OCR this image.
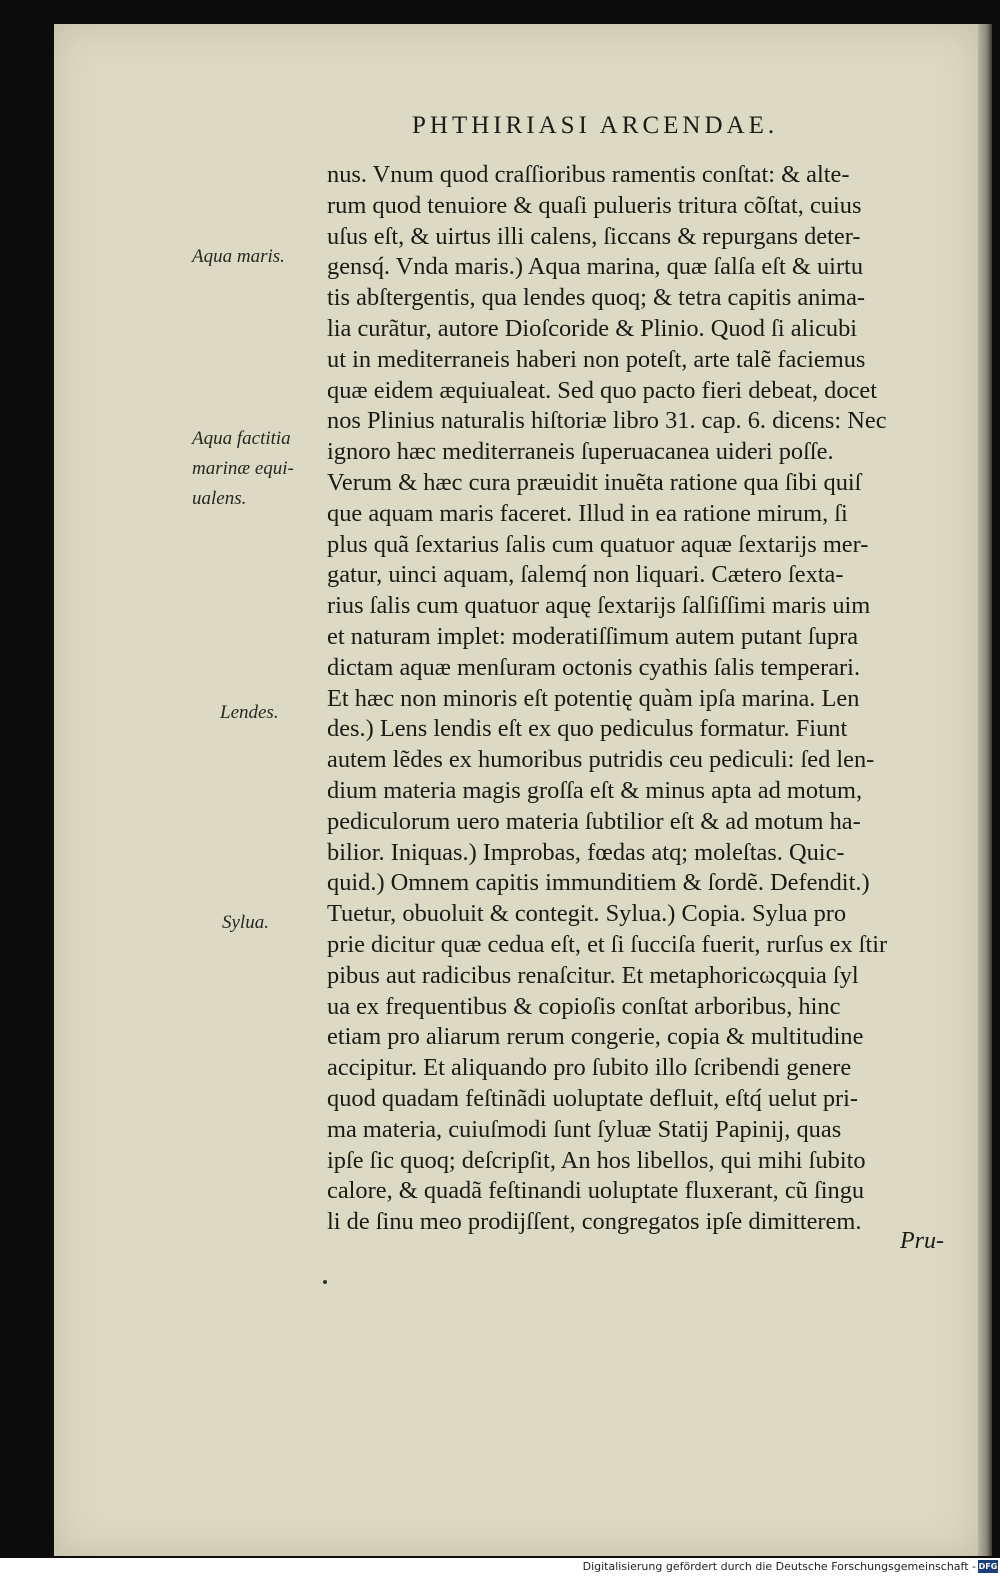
PHTHIRIASI ARCENDAE.
Aqua maris.
Aqua factitia
marinæ equi-
ualens.
Lendes.
Sylua.
nus. Vnum quod craſſioribus ramentis conſtat: & alte-
rum quod tenuiore & quaſi pulueris tritura cõſtat, cuius
uſus eſt, & uirtus illi calens, ſiccans & repurgans deter-
gensq́. Vnda maris.) Aqua marina, quæ ſalſa eſt & uirtu
tis abſtergentis, qua lendes quoq; & tetra capitis anima-
lia curãtur, autore Dioſcoride & Plinio. Quod ſi alicubi
ut in mediterraneis haberi non poteſt, arte talẽ faciemus
quæ eidem æquiualeat. Sed quo pacto fieri debeat, docet
nos Plinius naturalis hiſtoriæ libro 31. cap. 6. dicens: Nec
ignoro hæc mediterraneis ſuperuacanea uideri poſſe.
Verum & hæc cura præuidit inuẽta ratione qua ſibi quiſ
que aquam maris faceret. Illud in ea ratione mirum, ſi
plus quã ſextarius ſalis cum quatuor aquæ ſextarijs mer-
gatur, uinci aquam, ſalemq́ non liquari. Cætero ſexta-
rius ſalis cum quatuor aquę ſextarijs ſalſiſſimi maris uim
et naturam implet: moderatiſſimum autem putant ſupra
dictam aquæ menſuram octonis cyathis ſalis temperari.
Et hæc non minoris eſt potentię quàm ipſa marina. Len
des.) Lens lendis eſt ex quo pediculus formatur. Fiunt
autem lẽdes ex humoribus putridis ceu pediculi: ſed len-
dium materia magis groſſa eſt & minus apta ad motum,
pediculorum uero materia ſubtilior eſt & ad motum ha-
bilior. Iniquas.) Improbas, fœdas atq; moleſtas. Quic-
quid.) Omnem capitis immunditiem & ſordẽ. Defendit.)
Tuetur, obuoluit & contegit. Sylua.) Copia. Sylua pro
prie dicitur quæ cedua eſt, et ſi ſucciſa fuerit, rurſus ex ſtir
pibus aut radicibus renaſcitur. Et metaphoricωςquia ſyl
ua ex frequentibus & copioſis conſtat arboribus, hinc
etiam pro aliarum rerum congerie, copia & multitudine
accipitur. Et aliquando pro ſubito illo ſcribendi genere
quod quadam feſtinãdi uoluptate defluit, eſtq́ uelut pri-
ma materia, cuiuſmodi ſunt ſyluæ Statij Papinij, quas
ipſe ſic quoq; deſcripſit, An hos libellos, qui mihi ſubito
calore, & quadã feſtinandi uoluptate fluxerant, cũ ſingu
li de ſinu meo prodijſſent, congregatos ipſe dimitterem.
Pru-
Digitalisierung gefördert durch die Deutsche Forschungsgemeinschaft - DFG
